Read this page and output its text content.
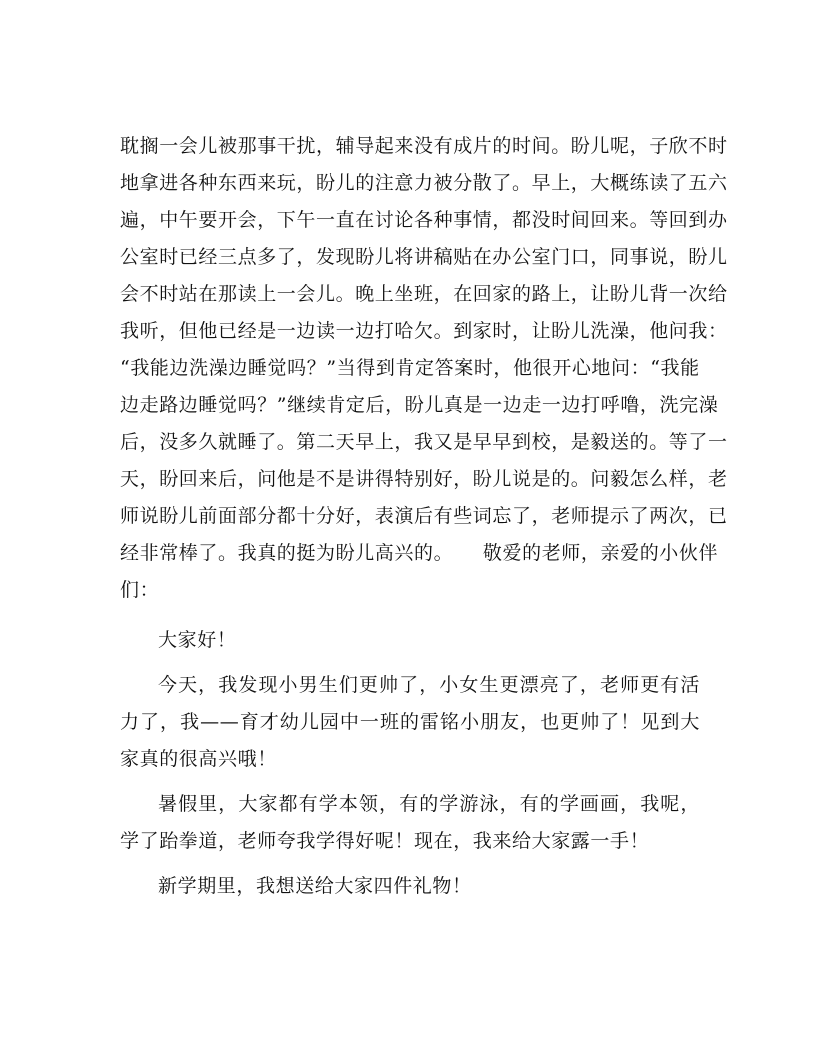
耽搁一会儿被那事干扰，辅导起来没有成片的时间。盼儿呢，子欣不时
地拿进各种东西来玩，盼儿的注意力被分散了。早上，大概练读了五六
遍，中午要开会，下午一直在讨论各种事情，都没时间回来。等回到办
公室时已经三点多了，发现盼儿将讲稿贴在办公室门口，同事说，盼儿
会不时站在那读上一会儿。晚上坐班，在回家的路上，让盼儿背一次给
我听，但他已经是一边读一边打哈欠。到家时，让盼儿洗澡，他问我：
“我能边洗澡边睡觉吗？”当得到肯定答案时，他很开心地问：“我能
边走路边睡觉吗？”继续肯定后，盼儿真是一边走一边打呼噜，洗完澡
后，没多久就睡了。第二天早上，我又是早早到校，是毅送的。等了一
天，盼回来后，问他是不是讲得特别好，盼儿说是的。问毅怎么样，老
师说盼儿前面部分都十分好，表演后有些词忘了，老师提示了两次，已
经非常棒了。我真的挺为盼儿高兴的。　　敬爱的老师，亲爱的小伙伴
们：

大家好！

今天，我发现小男生们更帅了，小女生更漂亮了，老师更有活力了，我——育才幼儿园中一班的雷铭小朋友，也更帅了！见到大家真的很高兴哦！

暑假里，大家都有学本领，有的学游泳，有的学画画，我呢，学了跆拳道，老师夸我学得好呢！现在，我来给大家露一手！

新学期里，我想送给大家四件礼物！
